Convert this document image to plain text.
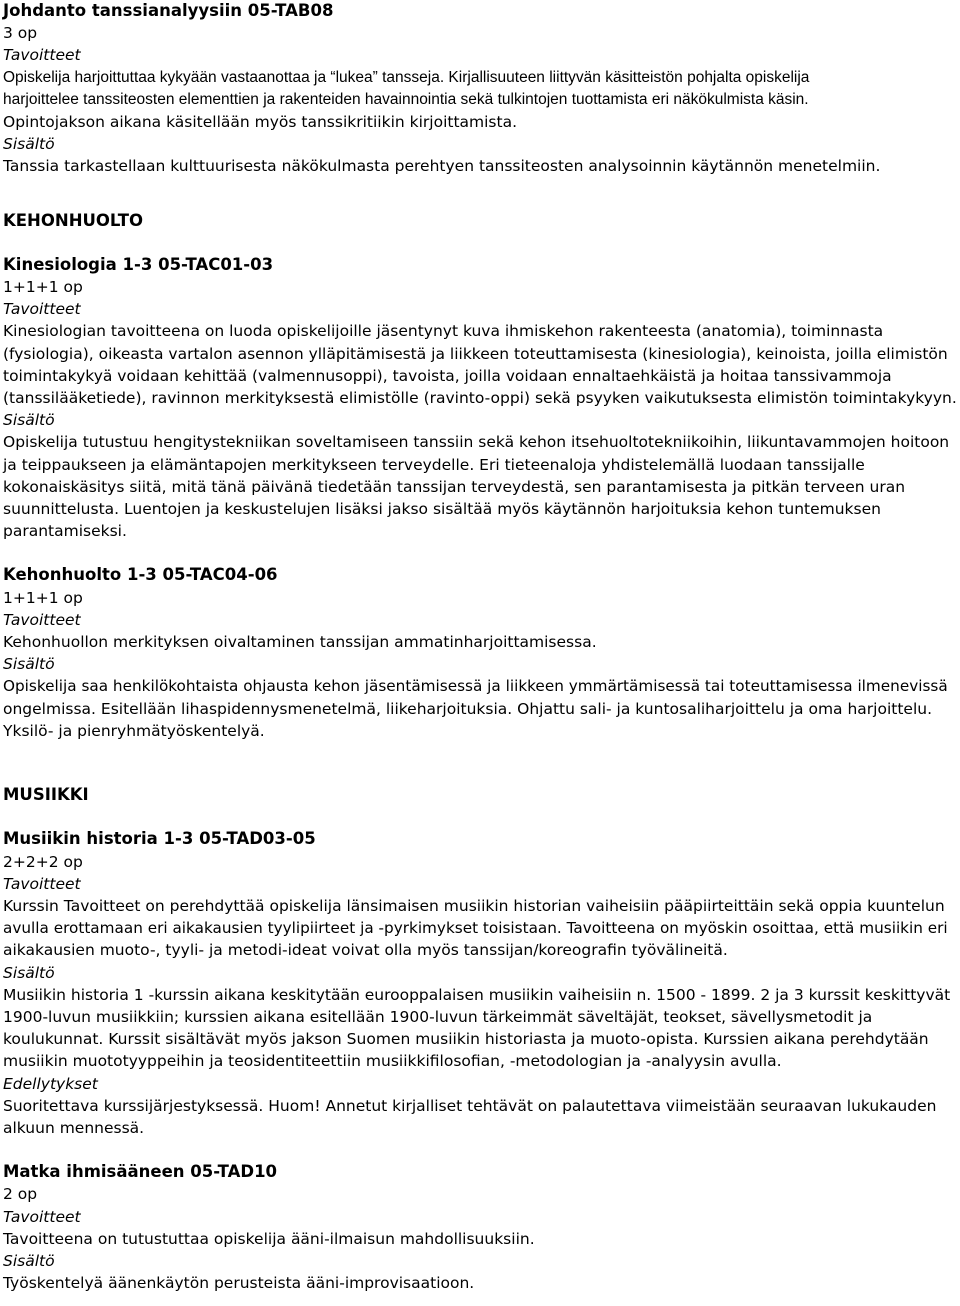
Johdanto tanssianalyysiin 05-TAB08
3 op
Tavoitteet
Opiskelija harjoittuttaa kykyään vastaanottaa ja “lukea” tansseja. Kirjallisuuteen liittyvän käsitteistön pohjalta opiskelija
harjoittelee tanssiteosten elementtien ja rakenteiden havainnointia sekä tulkintojen tuottamista eri näkökulmista käsin.
Opintojakson aikana käsitellään myös tanssikritiikin kirjoittamista.
Sisältö
Tanssia tarkastellaan kulttuurisesta näkökulmasta perehtyen tanssiteosten analysoinnin käytännön menetelmiin.
KEHONHUOLTO
Kinesiologia 1-3 05-TAC01-03
1+1+1 op
Tavoitteet
Kinesiologian tavoitteena on luoda opiskelijoille jäsentynyt kuva ihmiskehon rakenteesta (anatomia), toiminnasta
(fysiologia), oikeasta vartalon asennon ylläpitämisestä ja liikkeen toteuttamisesta (kinesiologia), keinoista, joilla elimistön
toimintakykyä voidaan kehittää (valmennusoppi), tavoista, joilla voidaan ennaltaehkäistä ja hoitaa tanssivammoja
(tanssilääketiede), ravinnon merkityksestä elimistölle (ravinto-oppi) sekä psyyken vaikutuksesta elimistön toimintakykyyn.
Sisältö
Opiskelija tutustuu hengitystekniikan soveltamiseen tanssiin sekä kehon itsehuoltotekniikoihin, liikuntavammojen hoitoon
ja teippaukseen ja elämäntapojen merkitykseen terveydelle. Eri tieteenaloja yhdistelemällä luodaan tanssijalle
kokonaiskäsitys siitä, mitä tänä päivänä tiedetään tanssijan terveydestä, sen parantamisesta ja pitkän terveen uran
suunnittelusta. Luentojen ja keskustelujen lisäksi jakso sisältää myös käytännön harjoituksia kehon tuntemuksen
parantamiseksi.
Kehonhuolto 1-3 05-TAC04-06
1+1+1 op
Tavoitteet
Kehonhuollon merkityksen oivaltaminen tanssijan ammatinharjoittamisessa.
Sisältö
Opiskelija saa henkilökohtaista ohjausta kehon jäsentämisessä ja liikkeen ymmärtämisessä tai toteuttamisessa ilmenevissä
ongelmissa. Esitellään lihaspidennysmenetelmä, liikeharjoituksia. Ohjattu sali- ja kuntosaliharjoittelu ja oma harjoittelu.
Yksilö- ja pienryhmätyöskentelyä.
MUSIIKKI
Musiikin historia 1-3 05-TAD03-05
2+2+2 op
Tavoitteet
Kurssin Tavoitteet on perehdyttää opiskelija länsimaisen musiikin historian vaiheisiin pääpiirteittäin sekä oppia kuuntelun
avulla erottamaan eri aikakausien tyylipiirteet ja -pyrkimykset toisistaan. Tavoitteena on myöskin osoittaa, että musiikin eri
aikakausien muoto-, tyyli- ja metodi-ideat voivat olla myös tanssijan/koreografin työvälineitä.
Sisältö
Musiikin historia 1 -kurssin aikana keskitytään eurooppalaisen musiikin vaiheisiin n. 1500 - 1899. 2 ja 3 kurssit keskittyvät
1900-luvun musiikkiin; kurssien aikana esitellään 1900-luvun tärkeimmät säveltäjät, teokset, sävellysmetodit ja
koulukunnat. Kurssit sisältävät myös jakson Suomen musiikin historiasta ja muoto-opista. Kurssien aikana perehdytään
musiikin muototyyppeihin ja teosidentiteettiin musiikkifilosofian, -metodologian ja -analyysin avulla.
Edellytykset
Suoritettava kurssijärjestyksessä. Huom! Annetut kirjalliset tehtävät on palautettava viimeistään seuraavan lukukauden
alkuun mennessä.
Matka ihmisääneen 05-TAD10
2 op
Tavoitteet
Tavoitteena on tutustuttaa opiskelija ääni-ilmaisun mahdollisuuksiin.
Sisältö
Työskentelyä äänenkäytön perusteista ääni-improvisaatioon.
